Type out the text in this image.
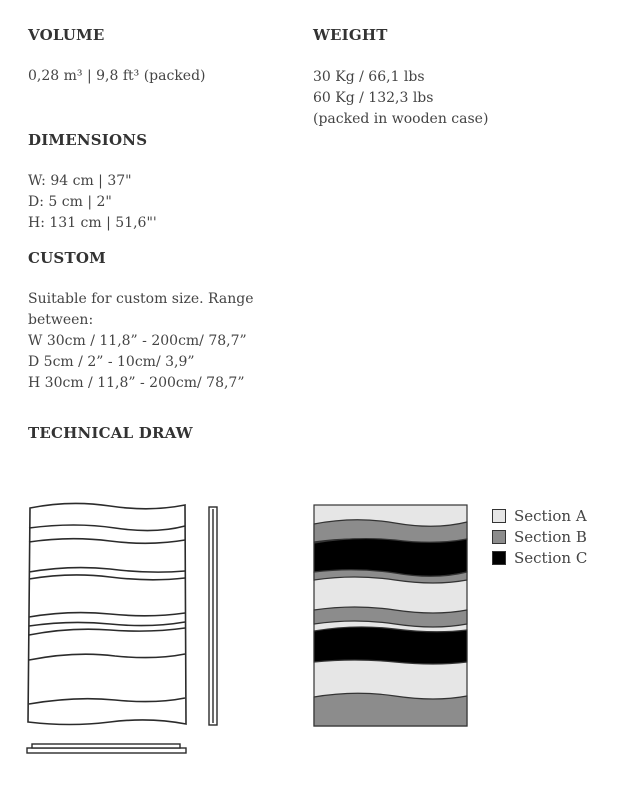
VOLUME	WEIGHT
DIMENSIONS
CUSTOM
TECHNICAL DRAW
0,28 m³ | 9,8 ft³ (packed)	30 Kg / 66,1 lbs
60 Kg / 132,3 lbs
(packed in wooden case)
W: 94 cm | 37"
D: 5 cm | 2"
H: 131 cm | 51,6"'
Suitable for custom size. Range
between:
W 30cm / 11,8” - 200cm/ 78,7”
D 5cm / 2” - 10cm/ 3,9”
H 30cm / 11,8” - 200cm/ 78,7”
Section A
Section B
Section C
